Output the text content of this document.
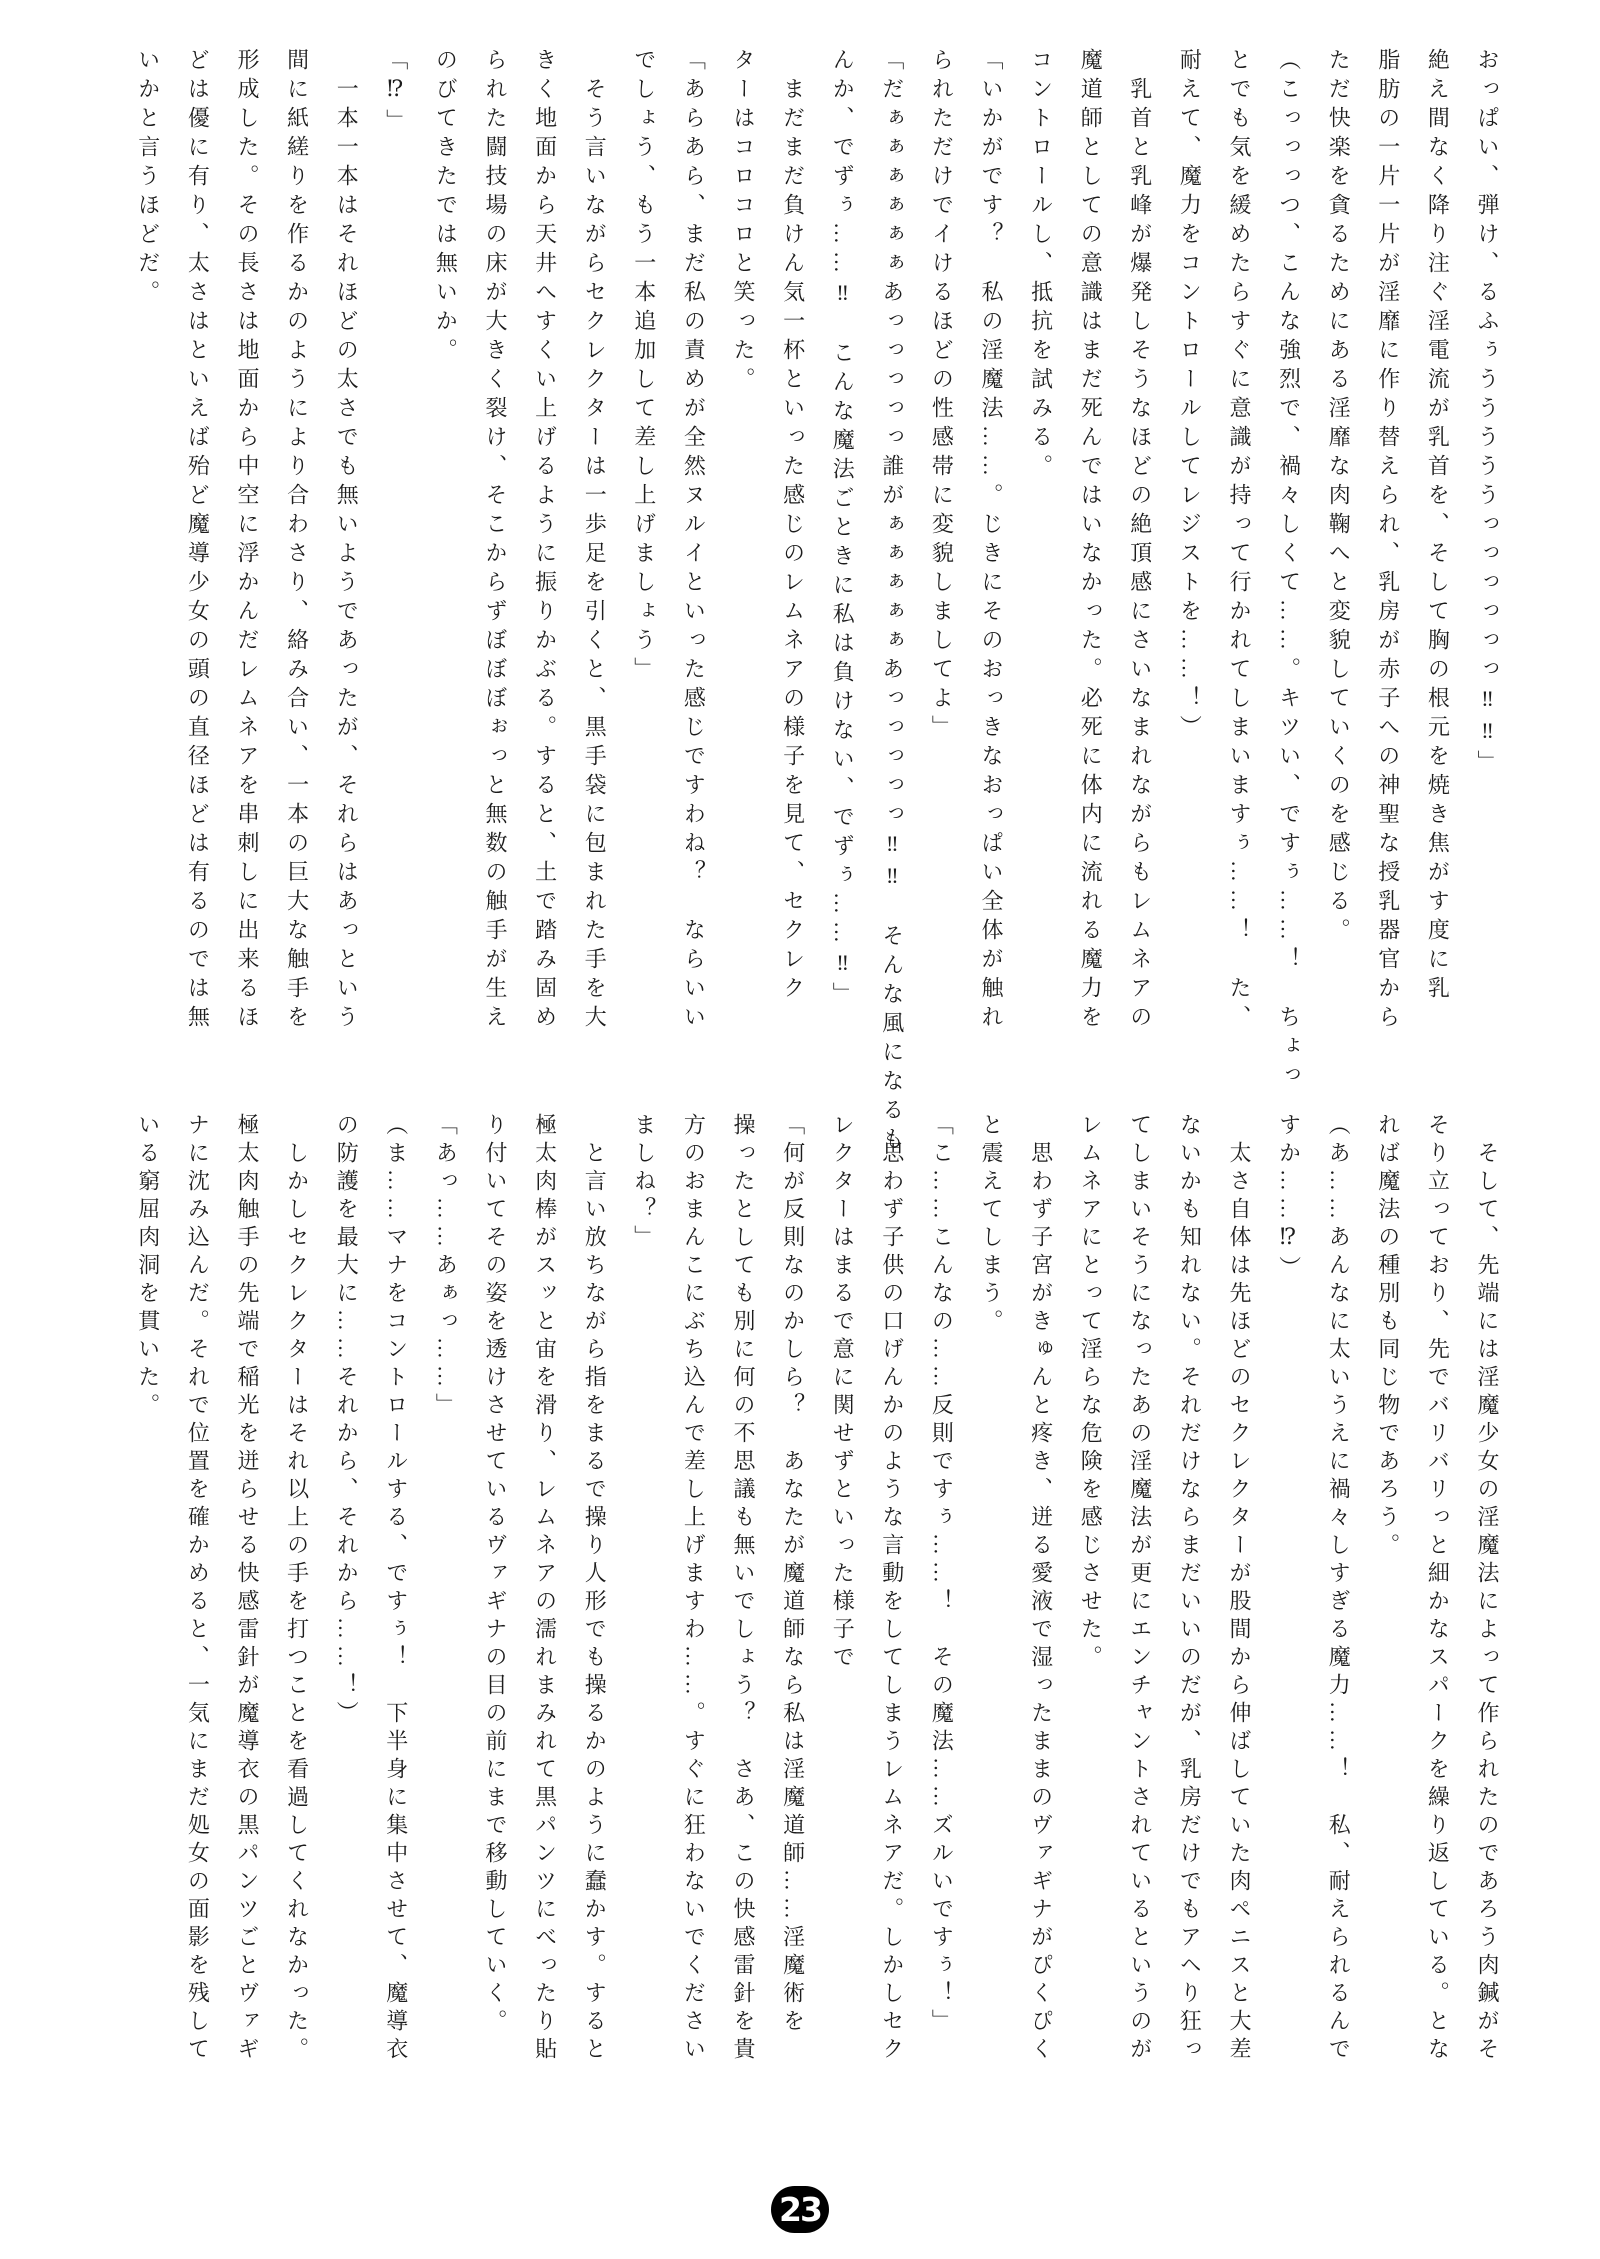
おっぱい、弾け、るふぅうううううっっっっっっ‼‼」
絶え間なく降り注ぐ淫電流が乳首を、そして胸の根元を焼き焦がす度に乳
脂肪の一片一片が淫靡に作り替えられ、乳房が赤子への神聖な授乳器官から
ただ快楽を貪るためにある淫靡な肉鞠へと変貌していくのを感じる。
（こっっっつ、こんな強烈で、禍々しくて……。キツい、ですぅ……！　ちょっ
とでも気を緩めたらすぐに意識が持って行かれてしまいますぅ……！　た、
耐えて、魔力をコントロールしてレジストを……！）
　乳首と乳峰が爆発しそうなほどの絶頂感にさいなまれながらもレムネアの
魔道師としての意識はまだ死んではいなかった。必死に体内に流れる魔力を
コントロールし、抵抗を試みる。
「いかがです？　私の淫魔法……。じきにそのおっきなおっぱい全体が触れ
られただけでイけるほどの性感帯に変貌しましてよ」
「だぁぁぁぁぁぁあっっっっっ誰がぁぁぁぁぁあっっっっっ‼‼　そんな風になるも
んか、でずぅ……‼　こんな魔法ごときに私は負けない、でずぅ……‼」
　まだまだ負けん気一杯といった感じのレムネアの様子を見て、セクレク
ターはコロコロと笑った。
「あらあら、まだ私の責めが全然ヌルイといった感じですわね？　ならいい
でしょう、もう一本追加して差し上げましょう」
　そう言いながらセクレクターは一歩足を引くと、黒手袋に包まれた手を大
きく地面から天井へすくい上げるように振りかぶる。すると、土で踏み固め
られた闘技場の床が大きく裂け、そこからずぼぼぼぉっと無数の触手が生え
のびてきたでは無いか。
「⁉」
　一本一本はそれほどの太さでも無いようであったが、それらはあっという
間に紙縒りを作るかのようにより合わさり、絡み合い、一本の巨大な触手を
形成した。その長さは地面から中空に浮かんだレムネアを串刺しに出来るほ
どは優に有り、太さはといえば殆ど魔導少女の頭の直径ほどは有るのでは無
いかと言うほどだ。
　そして、先端には淫魔少女の淫魔法によって作られたのであろう肉鍼がそ
そり立っており、先でバリバリっと細かなスパークを繰り返している。とな
れば魔法の種別も同じ物であろう。
（あ……あんなに太いうえに禍々しすぎる魔力……！　私、耐えられるんで
すか……⁉）
　太さ自体は先ほどのセクレクターが股間から伸ばしていた肉ペニスと大差
ないかも知れない。それだけならまだいいのだが、乳房だけでもアヘり狂っ
てしまいそうになったあの淫魔法が更にエンチャントされているというのが
レムネアにとって淫らな危険を感じさせた。
　思わず子宮がきゅんと疼き、迸る愛液で湿ったままのヴァギナがぴくぴく
と震えてしまう。
「こ……こんなの……反則ですぅ……！　その魔法……ズルいですぅ！」
　思わず子供の口げんかのような言動をしてしまうレムネアだ。しかしセク
レクターはまるで意に関せずといった様子で
「何が反則なのかしら？　あなたが魔道師なら私は淫魔道師……淫魔術を
操ったとしても別に何の不思議も無いでしょう？　さあ、この快感雷針を貴
方のおまんこにぶち込んで差し上げますわ……。すぐに狂わないでください
ましね？」
　と言い放ちながら指をまるで操り人形でも操るかのように蠢かす。すると
極太肉棒がスッと宙を滑り、レムネアの濡れまみれて黒パンツにべったり貼
り付いてその姿を透けさせているヴァギナの目の前にまで移動していく。
「あっ……あぁっ……」
（ま……マナをコントロールする、ですぅ！　下半身に集中させて、魔導衣
の防護を最大に……それから、それから……！）
　しかしセクレクターはそれ以上の手を打つことを看過してくれなかった。
極太肉触手の先端で稲光を迸らせる快感雷針が魔導衣の黒パンツごとヴァギ
ナに沈み込んだ。それで位置を確かめると、一気にまだ処女の面影を残して
いる窮屈肉洞を貫いた。
23
